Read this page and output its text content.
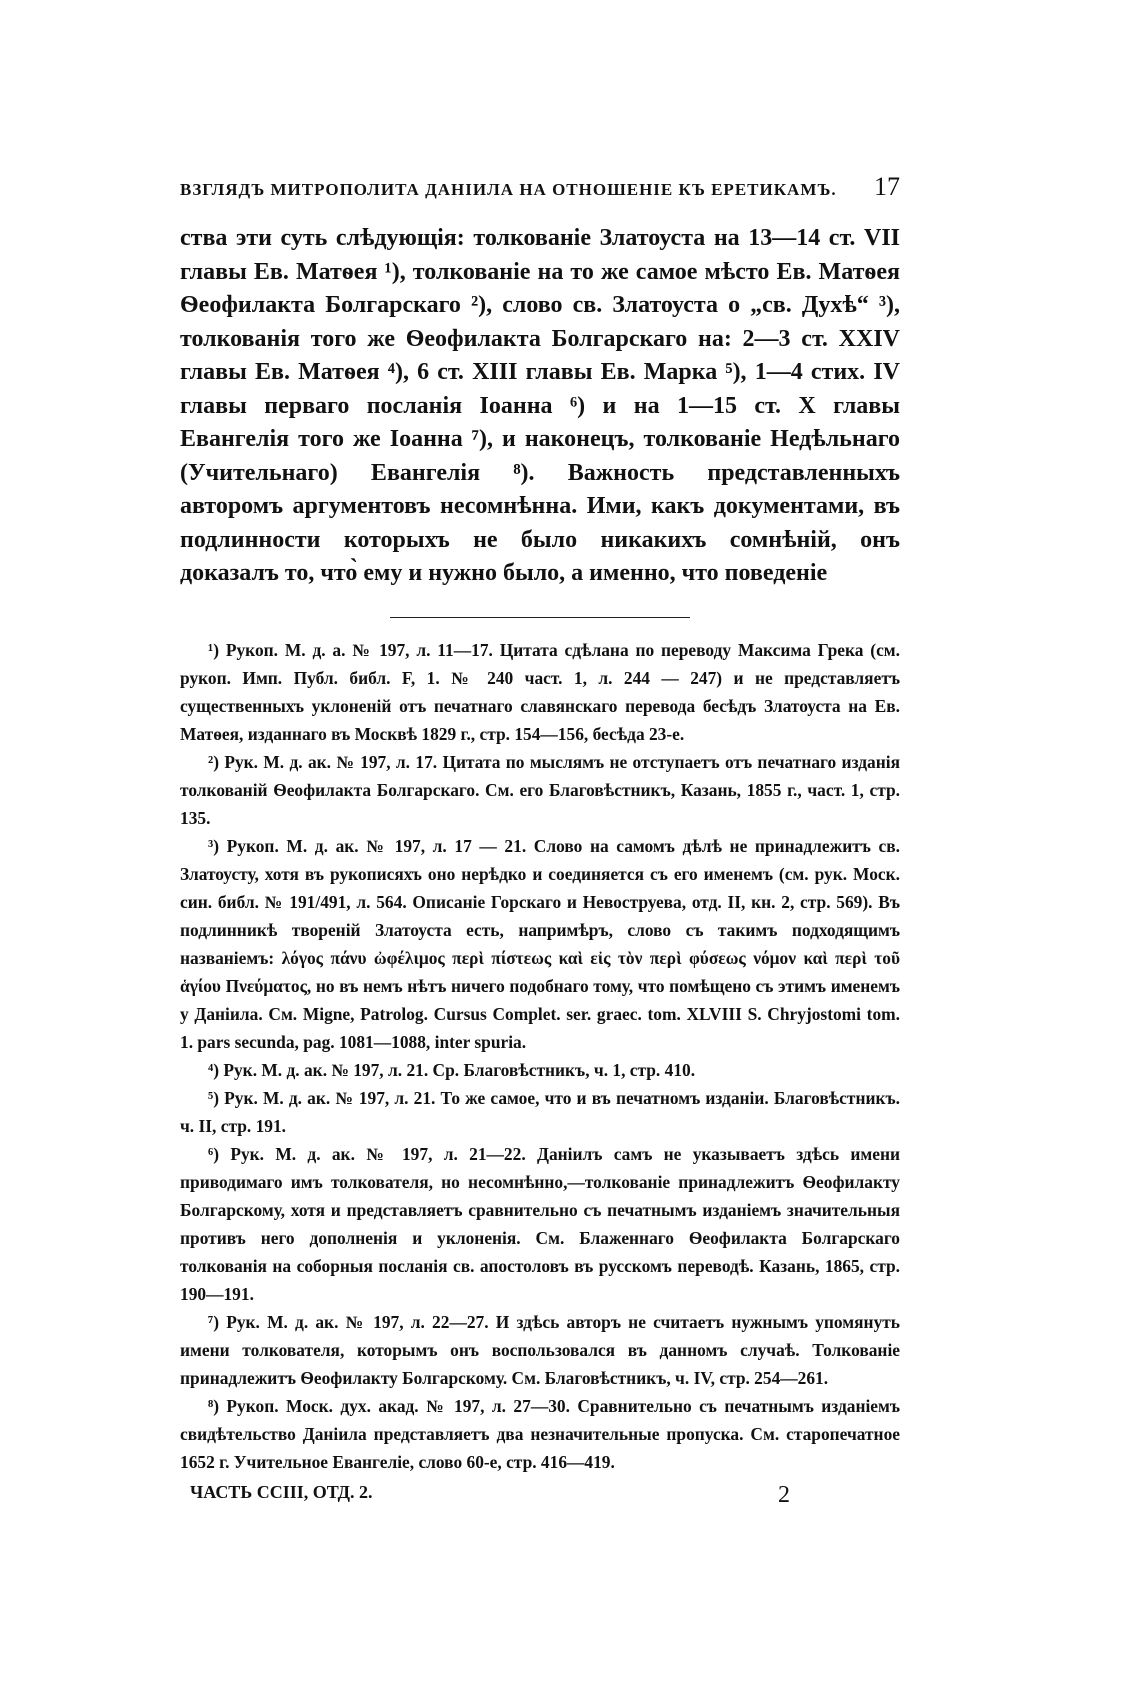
ВЗГЛЯДЪ МИТРОПОЛИТА ДАНIИЛА НА ОТНОШЕНIЕ КЪ ЕРЕТИКАМЪ. 17

ства эти суть слѣдующiя: толкованiе Златоуста на 13—14 ст. VII главы Ев. Матѳея ¹), толкованiе на то же самое мѣсто Ев. Матѳея Ѳеофилакта Болгарскаго ²), слово св. Златоуста о „св. Духѣ“ ³), толкованiя того же Ѳеофилакта Болгарскаго на: 2—3 ст. XXIV главы Ев. Матѳея ⁴), 6 ст. XIII главы Ев. Марка ⁵), 1—4 стих. IV главы перваго посланiя Iоанна ⁶) и на 1—15 ст. X главы Евангелiя того же Iоанна ⁷), и наконецъ, толкованiе Недѣльнаго (Учительнаго) Евангелiя ⁸). Важность представленныхъ авторомъ аргументовъ несомнѣнна. Ими, какъ документами, въ подлинности которыхъ не было никакихъ сомнѣнiй, онъ доказалъ то, что̀ ему и нужно было, а именно, что поведенiе

¹) Рукоп. М. д. а. № 197, л. 11—17. Цитата сдѣлана по переводу Максима Грека (см. рукоп. Имп. Публ. библ. F, 1. № 240 част. 1, л. 244 — 247) и не представляетъ существенныхъ уклоненiй отъ печатнаго славянскаго перевода бесѣдъ Златоуста на Ев. Матѳея, изданнаго въ Москвѣ 1829 г., стр. 154—156, бесѣда 23-е.

²) Рук. М. д. ак. № 197, л. 17. Цитата по мыслямъ не отступаетъ отъ печатнаго изданiя толкованiй Ѳеофилакта Болгарскаго. См. его Благовѣстникъ, Казань, 1855 г., част. 1, стр. 135.

³) Рукоп. М. д. ак. № 197, л. 17 — 21. Слово на самомъ дѣлѣ не принадлежитъ св. Златоусту, хотя въ рукописяхъ оно нерѣдко и соединяется съ его именемъ (см. рук. Моск. син. библ. № 191/491, л. 564. Описанiе Горскаго и Невоструева, отд. II, кн. 2, стр. 569). Въ подлинникѣ творенiй Златоуста есть, напримѣръ, слово съ такимъ подходящимъ названiемъ: λόγος πάνυ ὠφέλιμος περὶ πίστεως καὶ εἰς τὸν περὶ φύσεως νόμον καὶ περὶ τοῦ ἁγίου Πνεύματος, но въ немъ нѣтъ ничего подобнаго тому, что помѣщено съ этимъ именемъ у Данiила. См. Migne, Patrolog. Cursus Complet. ser. graec. tom. XLVIII S. Chryjostomi tom. 1. pars secunda, pag. 1081—1088, inter spuria.

⁴) Рук. М. д. ак. № 197, л. 21. Ср. Благовѣстникъ, ч. 1, стр. 410.

⁵) Рук. М. д. ак. № 197, л. 21. То же самое, что и въ печатномъ изданiи. Благовѣстникъ. ч. II, стр. 191.

⁶) Рук. М. д. ак. № 197, л. 21—22. Данiилъ самъ не указываетъ здѣсь имени приводимаго имъ толкователя, но несомнѣнно,—толкованiе принадлежитъ Ѳеофилакту Болгарскому, хотя и представляетъ сравнительно съ печатнымъ изданiемъ значительныя противъ него дополненiя и уклоненiя. См. Блаженнаго Ѳеофилакта Болгарскаго толкованiя на соборныя посланiя св. апостоловъ въ русскомъ переводѣ. Казань, 1865, стр. 190—191.

⁷) Рук. М. д. ак. № 197, л. 22—27. И здѣсь авторъ не считаетъ нужнымъ упомянуть имени толкователя, которымъ онъ воспользовался въ данномъ случаѣ. Толкованiе принадлежитъ Ѳеофилакту Болгарскому. См. Благовѣстникъ, ч. IV, стр. 254—261.

⁸) Рукоп. Моск. дух. акад. № 197, л. 27—30. Сравнительно съ печатнымъ изданiемъ свидѣтельство Данiила представляетъ два незначительные пропуска. См. старопечатное 1652 г. Учительное Евангелiе, слово 60-е, стр. 416—419.

ЧАСТЬ CCIII, ОТД. 2.	2
